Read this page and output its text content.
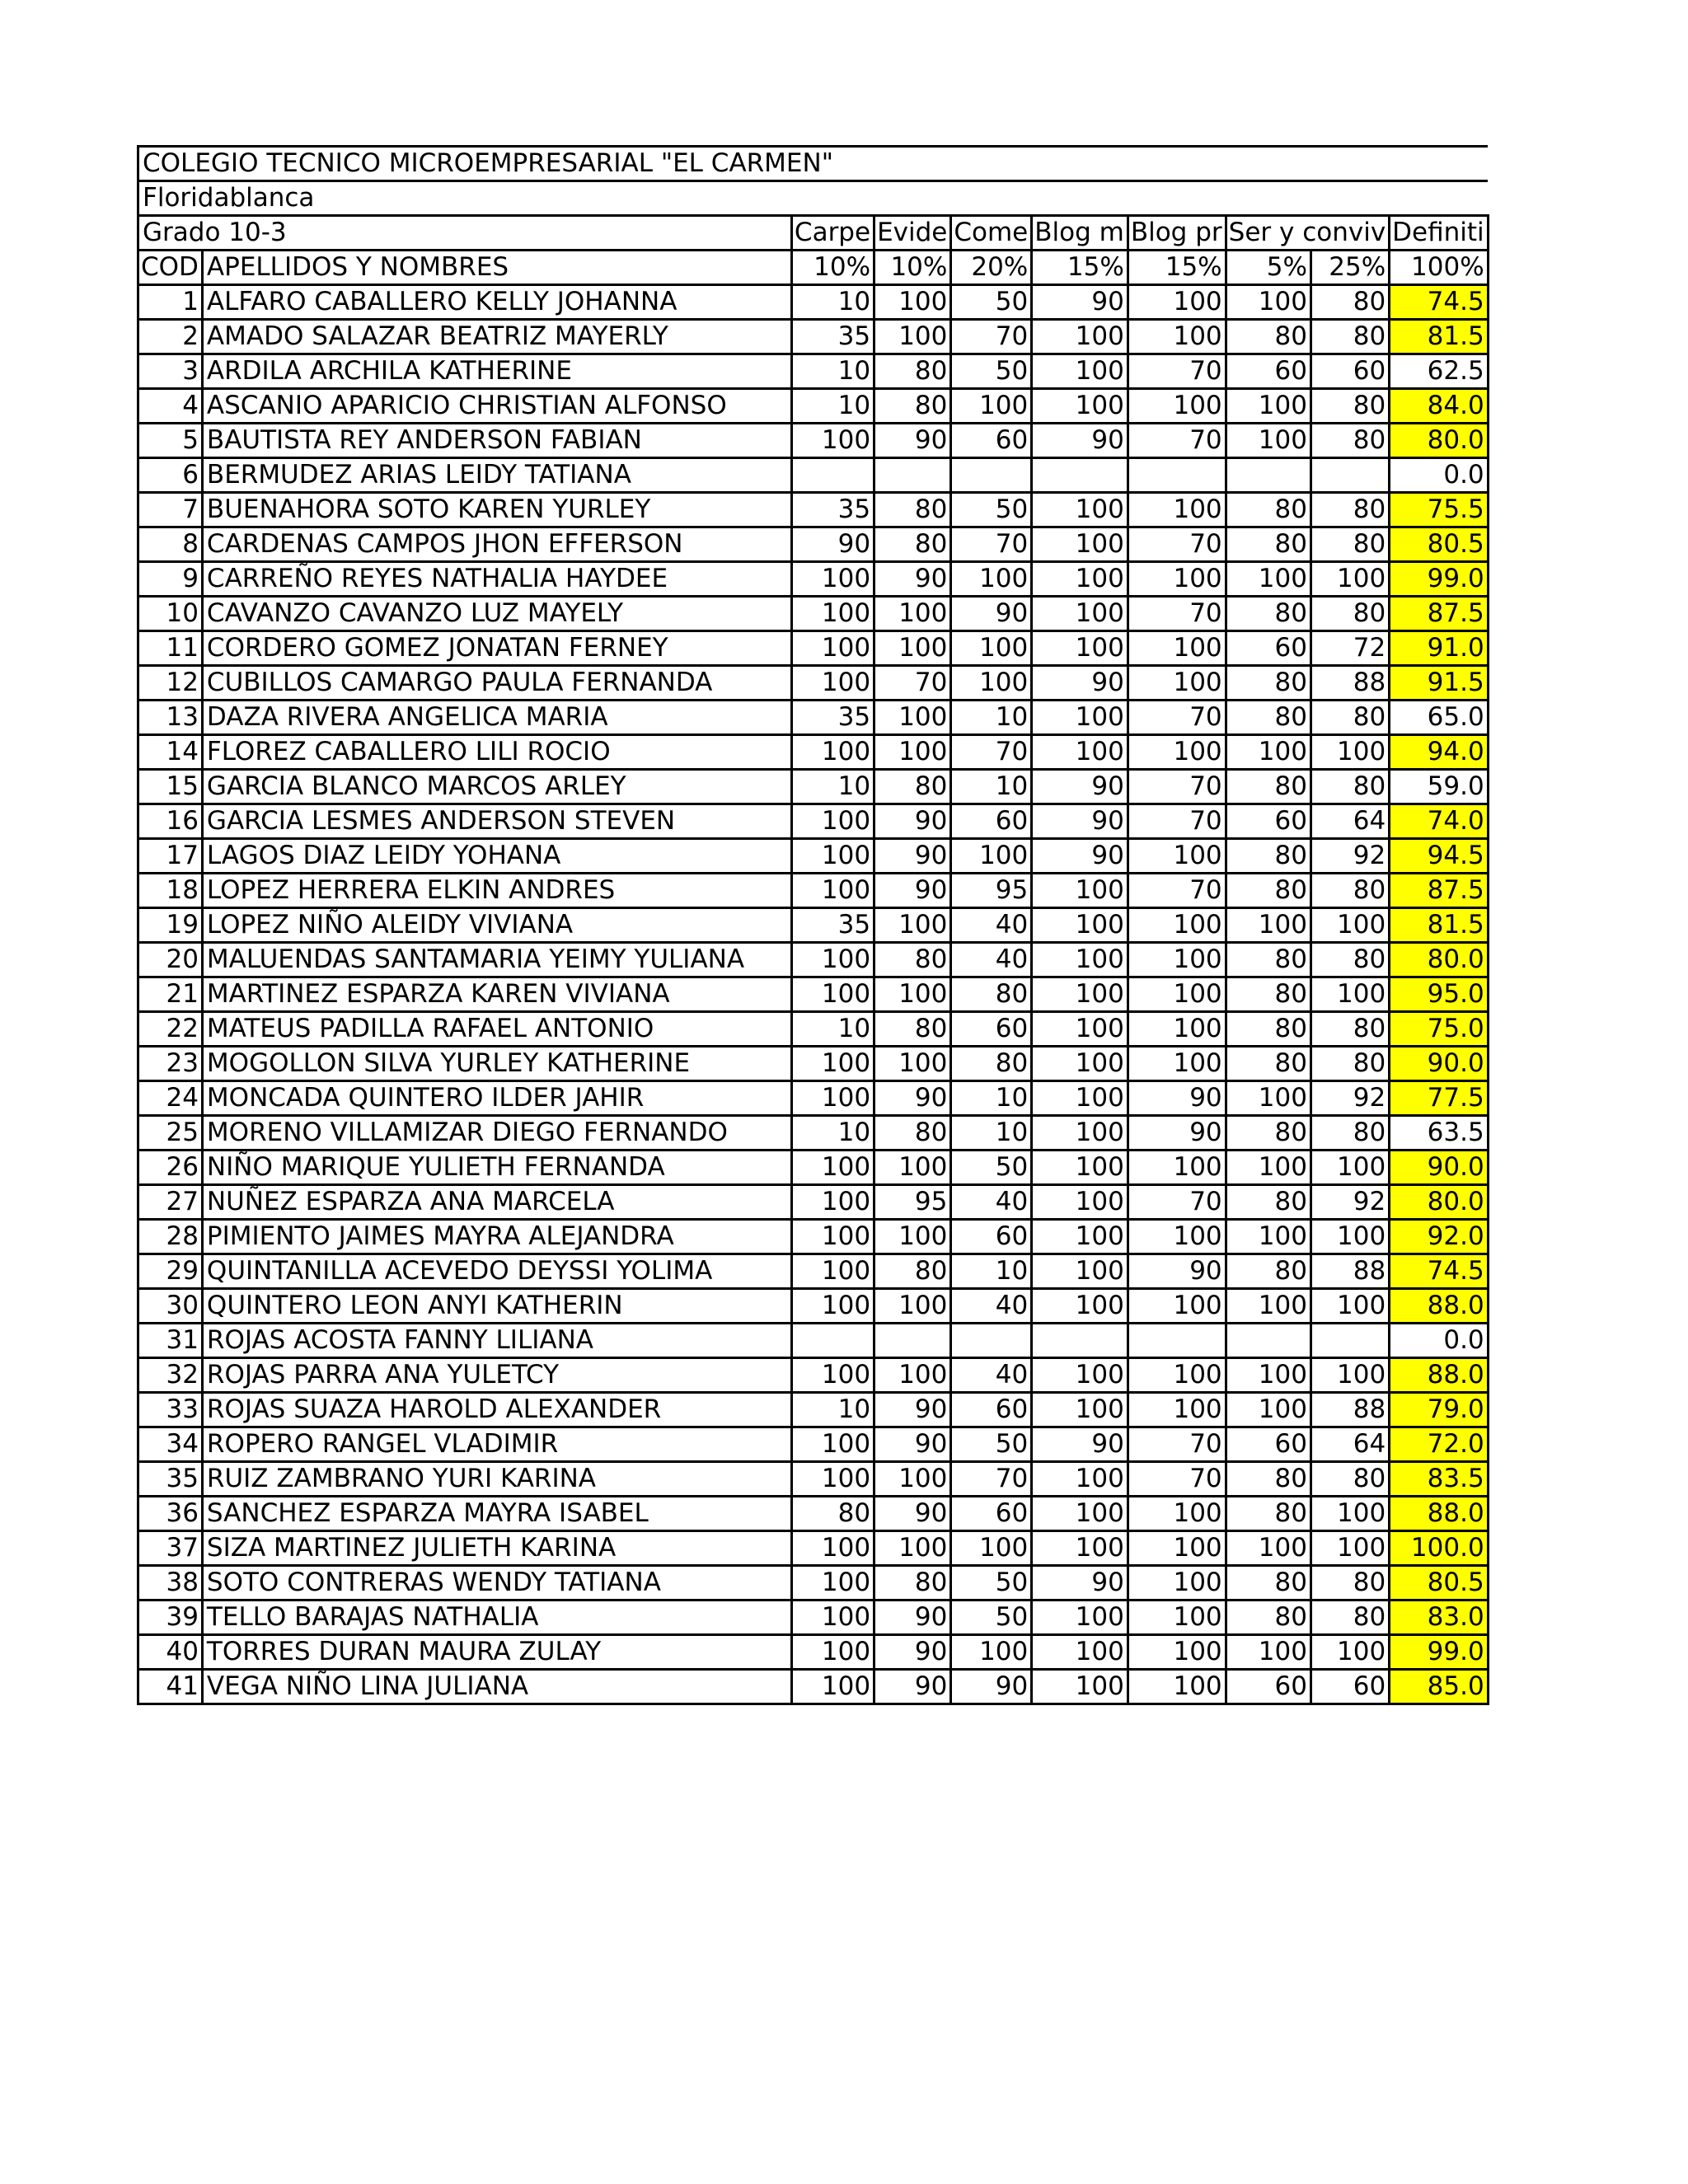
COLEGIO TECNICO MICROEMPRESARIAL "EL CARMEN"									
Floridablanca									
Grado 10-3		Carpe	Evide	Come	Blog m	Blog pr	Ser y conviv		Definiti
COD	APELLIDOS Y NOMBRES	10%	10%	20%	15%	15%	5%	25%	100%
1	ALFARO CABALLERO KELLY JOHANNA	10	100	50	90	100	100	80	74.5
2	AMADO SALAZAR BEATRIZ MAYERLY	35	100	70	100	100	80	80	81.5
3	ARDILA ARCHILA KATHERINE	10	80	50	100	70	60	60	62.5
4	ASCANIO APARICIO CHRISTIAN ALFONSO	10	80	100	100	100	100	80	84.0
5	BAUTISTA REY ANDERSON FABIAN	100	90	60	90	70	100	80	80.0
6	BERMUDEZ ARIAS LEIDY TATIANA								0.0
7	BUENAHORA SOTO KAREN YURLEY	35	80	50	100	100	80	80	75.5
8	CARDENAS CAMPOS JHON EFFERSON	90	80	70	100	70	80	80	80.5
9	CARREÑO REYES NATHALIA HAYDEE	100	90	100	100	100	100	100	99.0
10	CAVANZO CAVANZO LUZ MAYELY	100	100	90	100	70	80	80	87.5
11	CORDERO GOMEZ JONATAN FERNEY	100	100	100	100	100	60	72	91.0
12	CUBILLOS CAMARGO PAULA FERNANDA	100	70	100	90	100	80	88	91.5
13	DAZA RIVERA ANGELICA MARIA	35	100	10	100	70	80	80	65.0
14	FLOREZ CABALLERO LILI ROCIO	100	100	70	100	100	100	100	94.0
15	GARCIA BLANCO MARCOS ARLEY	10	80	10	90	70	80	80	59.0
16	GARCIA LESMES ANDERSON STEVEN	100	90	60	90	70	60	64	74.0
17	LAGOS DIAZ LEIDY YOHANA	100	90	100	90	100	80	92	94.5
18	LOPEZ HERRERA ELKIN ANDRES	100	90	95	100	70	80	80	87.5
19	LOPEZ NIÑO ALEIDY VIVIANA	35	100	40	100	100	100	100	81.5
20	MALUENDAS SANTAMARIA YEIMY YULIANA	100	80	40	100	100	80	80	80.0
21	MARTINEZ ESPARZA KAREN VIVIANA	100	100	80	100	100	80	100	95.0
22	MATEUS PADILLA RAFAEL ANTONIO	10	80	60	100	100	80	80	75.0
23	MOGOLLON SILVA YURLEY KATHERINE	100	100	80	100	100	80	80	90.0
24	MONCADA QUINTERO ILDER JAHIR	100	90	10	100	90	100	92	77.5
25	MORENO VILLAMIZAR DIEGO FERNANDO	10	80	10	100	90	80	80	63.5
26	NIÑO MARIQUE YULIETH FERNANDA	100	100	50	100	100	100	100	90.0
27	NUÑEZ ESPARZA ANA MARCELA	100	95	40	100	70	80	92	80.0
28	PIMIENTO JAIMES MAYRA ALEJANDRA	100	100	60	100	100	100	100	92.0
29	QUINTANILLA ACEVEDO DEYSSI YOLIMA	100	80	10	100	90	80	88	74.5
30	QUINTERO LEON ANYI KATHERIN	100	100	40	100	100	100	100	88.0
31	ROJAS ACOSTA FANNY LILIANA								0.0
32	ROJAS PARRA ANA YULETCY	100	100	40	100	100	100	100	88.0
33	ROJAS SUAZA HAROLD ALEXANDER	10	90	60	100	100	100	88	79.0
34	ROPERO RANGEL VLADIMIR	100	90	50	90	70	60	64	72.0
35	RUIZ ZAMBRANO YURI KARINA	100	100	70	100	70	80	80	83.5
36	SANCHEZ ESPARZA MAYRA ISABEL	80	90	60	100	100	80	100	88.0
37	SIZA MARTINEZ JULIETH KARINA	100	100	100	100	100	100	100	100.0
38	SOTO CONTRERAS WENDY TATIANA	100	80	50	90	100	80	80	80.5
39	TELLO BARAJAS NATHALIA	100	90	50	100	100	80	80	83.0
40	TORRES DURAN MAURA ZULAY	100	90	100	100	100	100	100	99.0
41	VEGA NIÑO LINA JULIANA	100	90	90	100	100	60	60	85.0
